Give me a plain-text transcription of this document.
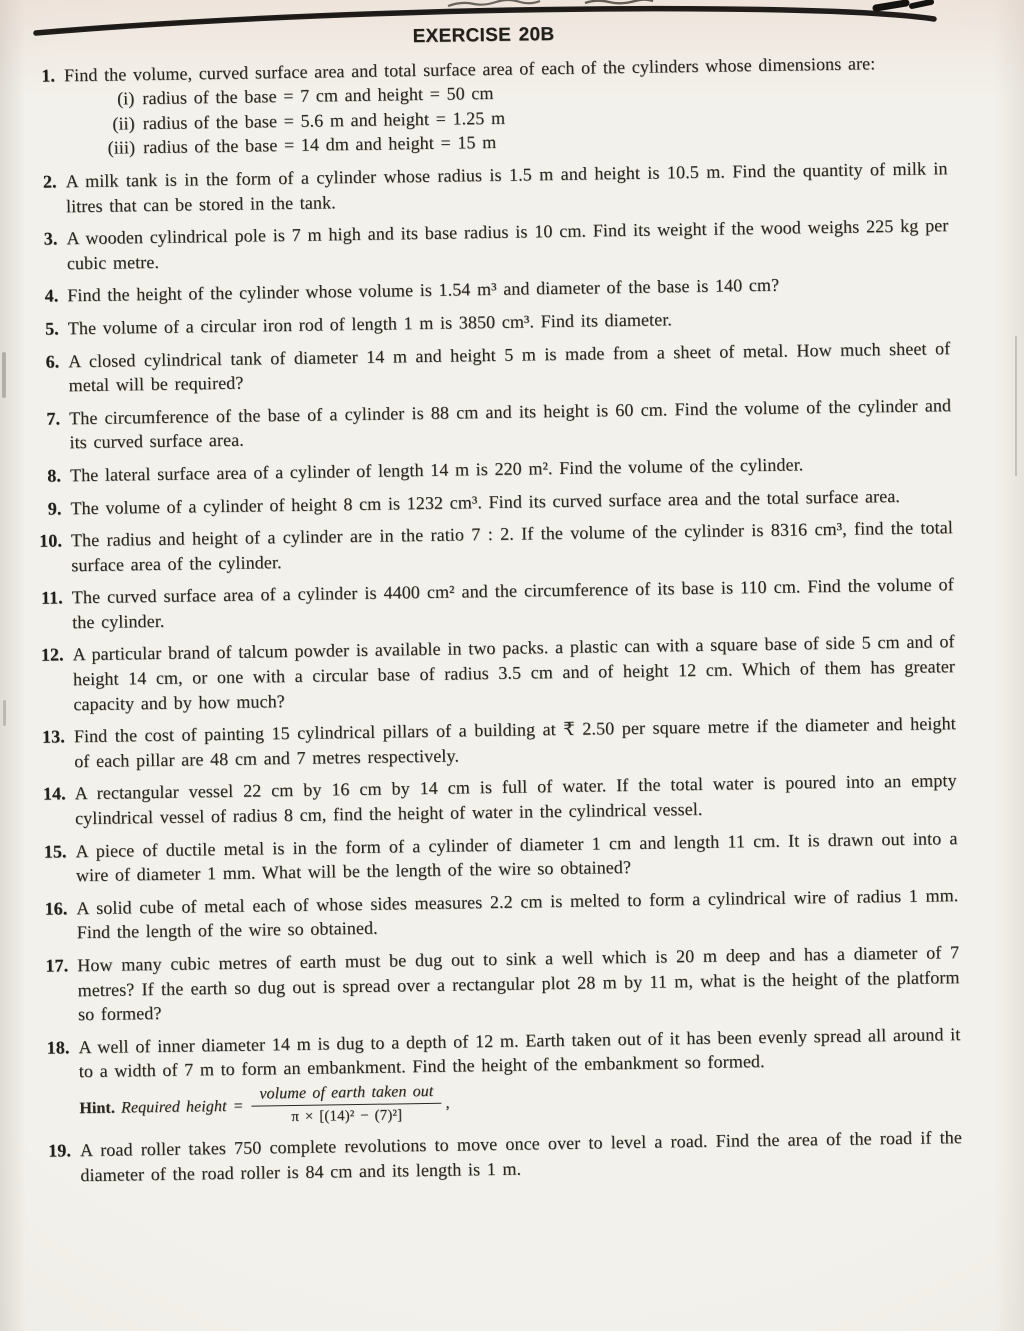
EXERCISE 20B
1. Find the volume, curved surface area and total surface area of each of the cylinders whose dimensions are:

(i) radius of the base = 7 cm and height = 50 cm
(ii) radius of the base = 5.6 m and height = 1.25 m
(iii) radius of the base = 14 dm and height = 15 m
2. A milk tank is in the form of a cylinder whose radius is 1.5 m and height is 10.5 m. Find the quantity of milk in litres that can be stored in the tank.

3. A wooden cylindrical pole is 7 m high and its base radius is 10 cm. Find its weight if the wood weighs 225 kg per cubic metre.

4. Find the height of the cylinder whose volume is 1.54 m³ and diameter of the base is 140 cm?

5. The volume of a circular iron rod of length 1 m is 3850 cm³. Find its diameter.

6. A closed cylindrical tank of diameter 14 m and height 5 m is made from a sheet of metal. How much sheet of metal will be required?

7. The circumference of the base of a cylinder is 88 cm and its height is 60 cm. Find the volume of the cylinder and its curved surface area.

8. The lateral surface area of a cylinder of length 14 m is 220 m². Find the volume of the cylinder.

9. The volume of a cylinder of height 8 cm is 1232 cm³. Find its curved surface area and the total surface area.

10. The radius and height of a cylinder are in the ratio 7 : 2. If the volume of the cylinder is 8316 cm³, find the total surface area of the cylinder.

11. The curved surface area of a cylinder is 4400 cm² and the circumference of its base is 110 cm. Find the volume of the cylinder.

12. A particular brand of talcum powder is available in two packs. a plastic can with a square base of side 5 cm and of height 14 cm, or one with a circular base of radius 3.5 cm and of height 12 cm. Which of them has greater capacity and by how much?

13. Find the cost of painting 15 cylindrical pillars of a building at ₹ 2.50 per square metre if the diameter and height of each pillar are 48 cm and 7 metres respectively.

14. A rectangular vessel 22 cm by 16 cm by 14 cm is full of water. If the total water is poured into an empty cylindrical vessel of radius 8 cm, find the height of water in the cylindrical vessel.

15. A piece of ductile metal is in the form of a cylinder of diameter 1 cm and length 11 cm. It is drawn out into a wire of diameter 1 mm. What will be the length of the wire so obtained?

16. A solid cube of metal each of whose sides measures 2.2 cm is melted to form a cylindrical wire of radius 1 mm. Find the length of the wire so obtained.

17. How many cubic metres of earth must be dug out to sink a well which is 20 m deep and has a diameter of 7 metres? If the earth so dug out is spread over a rectangular plot 28 m by 11 m, what is the height of the platform so formed?

18. A well of inner diameter 14 m is dug to a depth of 12 m. Earth taken out of it has been evenly spread all around it to a width of 7 m to form an embankment. Find the height of the embankment so formed.

Hint. Required height = $\frac{\text{volume of earth taken out}}{\text{π × [(14)² − (7)²]}}$ ,
19. A road roller takes 750 complete revolutions to move once over to level a road. Find the area of the road if the diameter of the road roller is 84 cm and its length is 1 m.
